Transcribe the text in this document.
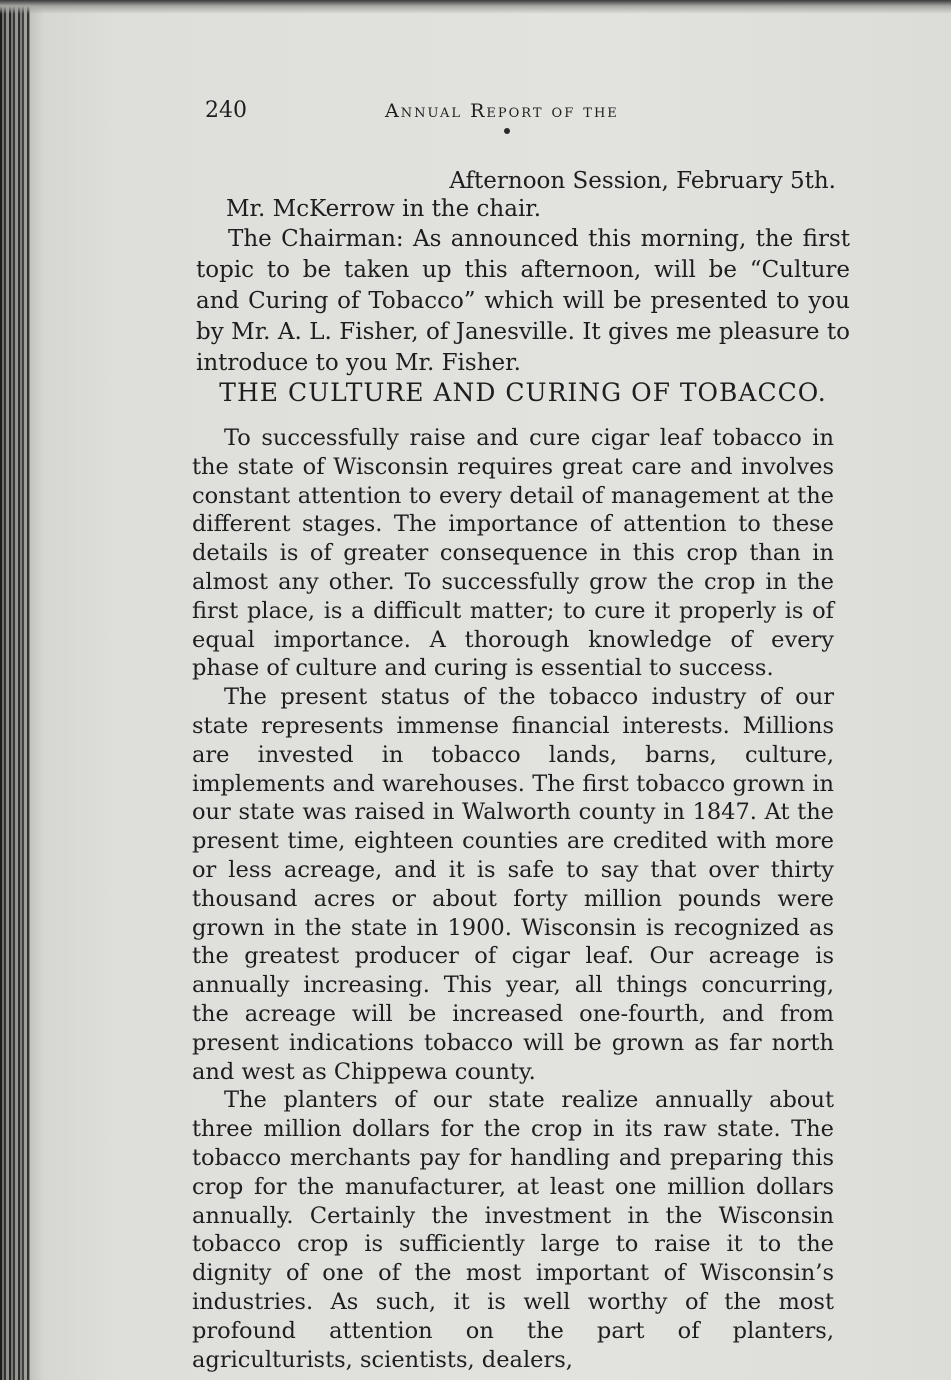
240	Annual Report of the
Afternoon Session, February 5th.
Mr. McKerrow in the chair.

The Chairman: As announced this morning, the first topic to be taken up this afternoon, will be “Culture and Curing of Tobacco” which will be presented to you by Mr. A. L. Fisher, of Janesville. It gives me pleasure to introduce to you Mr. Fisher.

THE CULTURE AND CURING OF TOBACCO.

To successfully raise and cure cigar leaf tobacco in the state of Wisconsin requires great care and involves constant attention to every detail of management at the different stages. The importance of attention to these details is of greater consequence in this crop than in almost any other. To successfully grow the crop in the first place, is a difficult matter; to cure it properly is of equal importance. A thorough knowledge of every phase of culture and curing is essential to success.

The present status of the tobacco industry of our state represents immense financial interests. Millions are invested in tobacco lands, barns, culture, implements and warehouses. The first tobacco grown in our state was raised in Walworth county in 1847. At the present time, eighteen counties are credited with more or less acreage, and it is safe to say that over thirty thousand acres or about forty million pounds were grown in the state in 1900. Wisconsin is recognized as the greatest producer of cigar leaf. Our acreage is annually increasing. This year, all things concurring, the acreage will be increased one-fourth, and from present indications tobacco will be grown as far north and west as Chippewa county.

The planters of our state realize annually about three million dollars for the crop in its raw state. The tobacco merchants pay for handling and preparing this crop for the manufacturer, at least one million dollars annually. Certainly the investment in the Wisconsin tobacco crop is sufficiently large to raise it to the dignity of one of the most important of Wisconsin’s industries. As such, it is well worthy of the most profound attention on the part of planters, agriculturists, scientists, dealers,
